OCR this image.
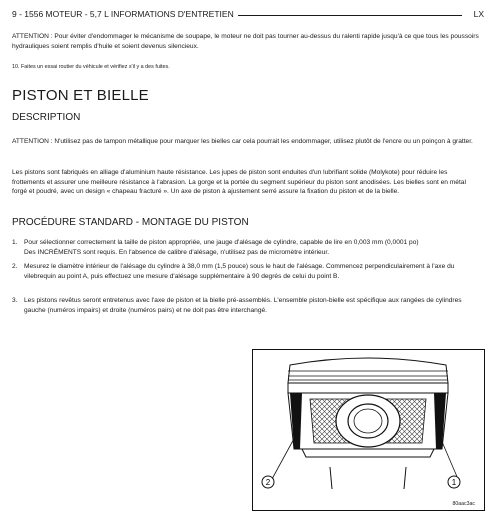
9 - 1556 MOTEUR - 5,7 L INFORMATIONS D'ENTRETIEN	LX
ATTENTION : Pour éviter d'endommager le mécanisme de soupape, le moteur ne doit pas tourner au-dessus du ralenti rapide jusqu'à ce que tous les poussoirs hydrauliques soient remplis d'huile et soient devenus silencieux.
10. Faites un essai routier du véhicule et vérifiez s'il y a des fuites.
PISTON ET BIELLE
DESCRIPTION
ATTENTION : N'utilisez pas de tampon métallique pour marquer les bielles car cela pourrait les endommager, utilisez plutôt de l'encre ou un poinçon à gratter.
Les pistons sont fabriqués en alliage d'aluminium haute résistance. Les jupes de piston sont enduites d'un lubrifiant solide (Molykote) pour réduire les frottements et assurer une meilleure résistance à l'abrasion. La gorge et la portée du segment supérieur du piston sont anodisées. Les bielles sont en métal forgé et poudré, avec un design « chapeau fracturé ». Un axe de piston à ajustement serré assure la fixation du piston et de la bielle.
PROCÉDURE STANDARD - MONTAGE DU PISTON
1. Pour sélectionner correctement la taille de piston appropriée, une jauge d'alésage de cylindre, capable de lire en 0,003 mm (0,0001 po)
Des INCRÉMENTS sont requis. En l'absence de calibre d'alésage, n'utilisez pas de micromètre intérieur.
2. Mesurez le diamètre intérieur de l'alésage du cylindre à 38,0 mm (1,5 pouce) sous le haut de l'alésage. Commencez perpendiculairement à l'axe du
vilebrequin au point A, puis effectuez une mesure d'alésage supplémentaire à 90 degrés de celui du point B.
3. Les pistons revêtus seront entretenus avec l'axe de piston et la bielle pré-assemblés. L'ensemble piston-bielle est spécifique aux rangées de cylindres
gauche (numéros impairs) et droite (numéros pairs) et ne doit pas être interchangé.
2	1
80aac3ac
